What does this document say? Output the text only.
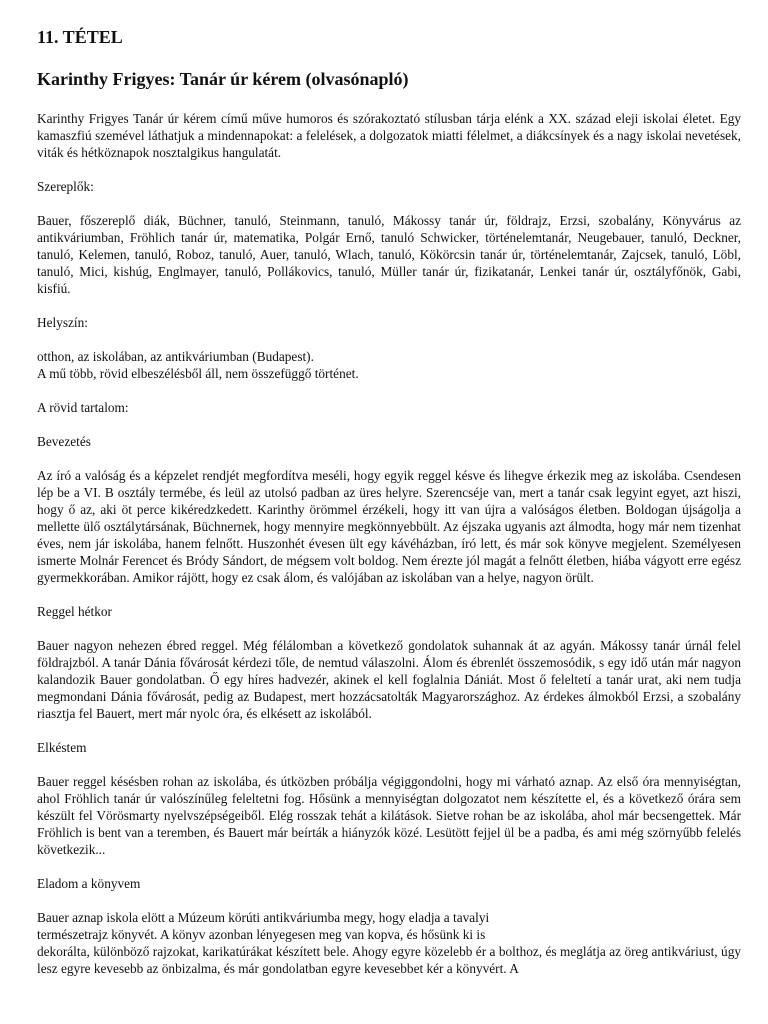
11. TÉTEL
Karinthy Frigyes: Tanár úr kérem (olvasónapló)

Karinthy Frigyes Tanár úr kérem című műve humoros és szórakoztató stílusban tárja elénk a XX. század eleji iskolai életet. Egy kamaszfiú szemével láthatjuk a mindennapokat: a felelések, a dolgozatok miatti félelmet, a diákcsínyek és a nagy iskolai nevetések, viták és hétköznapok nosztalgikus hangulatát.

Szereplők:

Bauer, főszereplő diák, Büchner, tanuló, Steinmann, tanuló, Mákossy tanár úr, földrajz, Erzsi, szobalány, Könyvárus az antikváriumban, Fröhlich tanár úr, matematika, Polgár Ernő, tanuló Schwicker, történelemtanár, Neugebauer, tanuló, Deckner, tanuló, Kelemen, tanuló, Roboz, tanuló, Auer, tanuló, Wlach, tanuló, Kökörcsin tanár úr, történelemtanár, Zajcsek, tanuló, Löbl, tanuló, Mici, kishúg, Englmayer, tanuló, Pollákovics, tanuló, Müller tanár úr, fizikatanár, Lenkei tanár úr, osztályfőnök, Gabi, kisfiú.

Helyszín:

otthon, az iskolában, az antikváriumban (Budapest).
A mű több, rövid elbeszélésből áll, nem összefüggő történet.

A rövid tartalom:

Bevezetés

Az író a valóság és a képzelet rendjét megfordítva meséli, hogy egyik reggel késve és lihegve érkezik meg az iskolába. Csendesen lép be a VI. B osztály termébe, és leül az utolsó padban az üres helyre. Szerencséje van, mert a tanár csak legyint egyet, azt hiszi, hogy ő az, aki öt perce kikéredzkedett. Karinthy örömmel érzékeli, hogy itt van újra a valóságos életben. Boldogan újságolja a mellette ülő osztálytársának, Büchnernek, hogy mennyire megkönnyebbült. Az éjszaka ugyanis azt álmodta, hogy már nem tizenhat éves, nem jár iskolába, hanem felnőtt. Huszonhét évesen ült egy kávéházban, író lett, és már sok könyve megjelent. Személyesen ismerte Molnár Ferencet és Bródy Sándort, de mégsem volt boldog. Nem érezte jól magát a felnőtt életben, hiába vágyott erre egész gyermekkorában. Amikor rájött, hogy ez csak álom, és valójában az iskolában van a helye, nagyon örült.

Reggel hétkor

Bauer nagyon nehezen ébred reggel. Még félálomban a következő gondolatok suhannak át az agyán. Mákossy tanár úrnál felel földrajzból. A tanár Dánia fővárosát kérdezi tőle, de nemtud válaszolni. Álom és ébrenlét összemosódik, s egy idő után már nagyon kalandozik Bauer gondolatban. Ő egy híres hadvezér, akinek el kell foglalnia Dániát. Most ő feleltetí a tanár urat, aki nem tudja megmondani Dánia fővárosát, pedig az Budapest, mert hozzácsatolták Magyarországhoz. Az érdekes álmokból Erzsi, a szobalány riasztja fel Bauert, mert már nyolc óra, és elkésett az iskolából.

Elkéstem

Bauer reggel késésben rohan az iskolába, és útközben próbálja végiggondolni, hogy mi várható aznap. Az első óra mennyiségtan, ahol Fröhlich tanár úr valószínűleg feleltetni fog. Hősünk a mennyiségtan dolgozatot nem készítette el, és a következő órára sem készült fel Vörösmarty nyelvszépségeiből. Elég rosszak tehát a kilátások. Sietve rohan be az iskolába, ahol már becsengettek. Már Fröhlich is bent van a teremben, és Bauert már beírták a hiányzók közé. Lesütött fejjel ül be a padba, és ami még szörnyűbb felelés következik...

Eladom a könyvem

Bauer aznap iskola elött a Múzeum körúti antikváriumba megy, hogy eladja a tavalyi
természetrajz könyvét. A könyv azonban lényegesen meg van kopva, és hősünk ki is
dekorálta, különböző rajzokat, karikatúrákat készített bele. Ahogy egyre közelebb ér a bolthoz, és meglátja az öreg antikváriust, úgy lesz egyre kevesebb az önbizalma, és már gondolatban egyre kevesebbet kér a könyvért. A
